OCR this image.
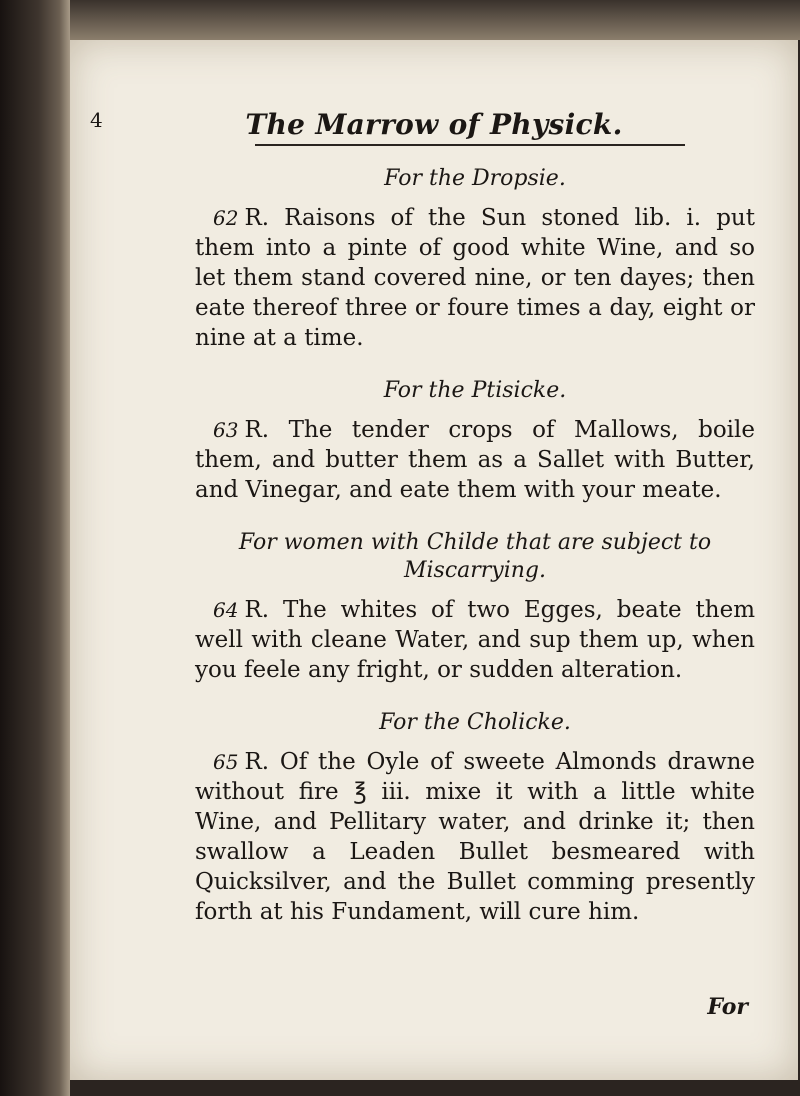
4	The Marrow of Physick.
For the Dropsie.

62 R. Raisons of the Sun stoned lib. i. put them into a pinte of good white Wine, and so let them stand covered nine, or ten dayes; then eate thereof three or foure times a day, eight or nine at a time.

For the Ptisicke.

63 R. The tender crops of Mallows, boile them, and butter them as a Sallet with Butter, and Vinegar, and eate them with your meate.

For women with Childe that are subject to Miscarrying.

64 R. The whites of two Egges, beate them well with cleane Water, and sup them up, when you feele any fright, or sudden alteration.

For the Cholicke.

65 R. Of the Oyle of sweete Almonds drawne without fire ℥ iii. mixe it with a little white Wine, and Pellitary water, and drinke it; then swallow a Leaden Bullet besmeared with Quicksilver, and the Bullet comming presently forth at his Fundament, will cure him.

For
